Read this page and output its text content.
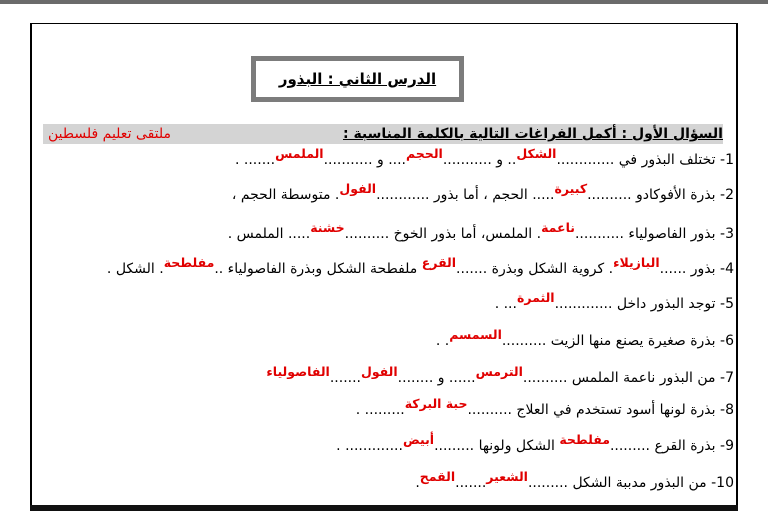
الدرس الثاني : البذور
ملتقى تعليم فلسطين	السؤال الأول : أكمل الفراغات التالية بالكلمة المناسبة :
1- تختلف البذور في .............الشكل.. و ...........الحجم.... و ...........الملمس....... .
2- بذرة الأفوكادو ..........كبيرة..... الحجم ، أما بذور ............الفول. متوسطة الحجم ،
3- بذور الفاصولياء ...........ناعمة. الملمس، أما بذور الخوخ ..........خشنة..... الملمس .
4- بذور ......البازيلاء. كروية الشكل وبذرة .......القرع ملفطحة الشكل وبذرة الفاصولياء ..مفلطحة. الشكل .
5- توجد البذور داخل .............الثمرة... .
6- بذرة صغيرة يصنع منها الزيت ..........السمسم. .
7- من البذور ناعمة الملمس ..........الترمس...... و ........الفول.......الفاصولياء
8- بذرة لونها أسود تستخدم في العلاج ..........حبة البركة......... .
9- بذرة القرع .........مفلطحة الشكل ولونها .........أبيض............. .
10- من البذور مدببة الشكل .........الشعير.......القمح.
